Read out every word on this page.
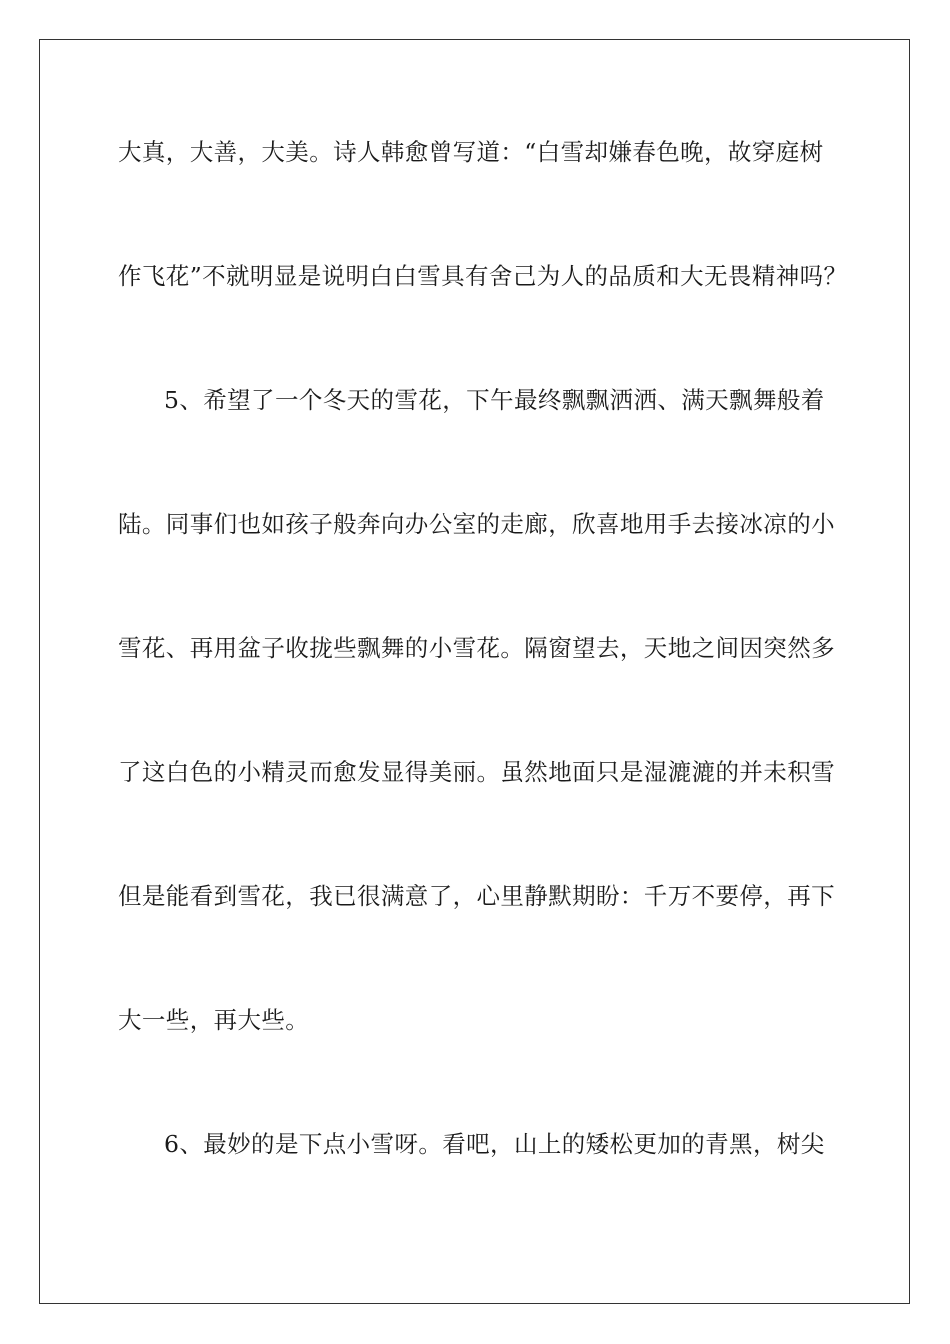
大真，大善，大美。诗人韩愈曾写道：“白雪却嫌春色晚，故穿庭树
作飞花”不就明显是说明白白雪具有舍己为人的品质和大无畏精神吗？
5、希望了一个冬天的雪花，下午最终飘飘洒洒、满天飘舞般着
陆。同事们也如孩子般奔向办公室的走廊，欣喜地用手去接冰凉的小
雪花、再用盆子收拢些飘舞的小雪花。隔窗望去，天地之间因突然多
了这白色的小精灵而愈发显得美丽。虽然地面只是湿漉漉的并未积雪
但是能看到雪花，我已很满意了，心里静默期盼：千万不要停，再下
大一些，再大些。
6、最妙的是下点小雪呀。看吧，山上的矮松更加的青黑，树尖
